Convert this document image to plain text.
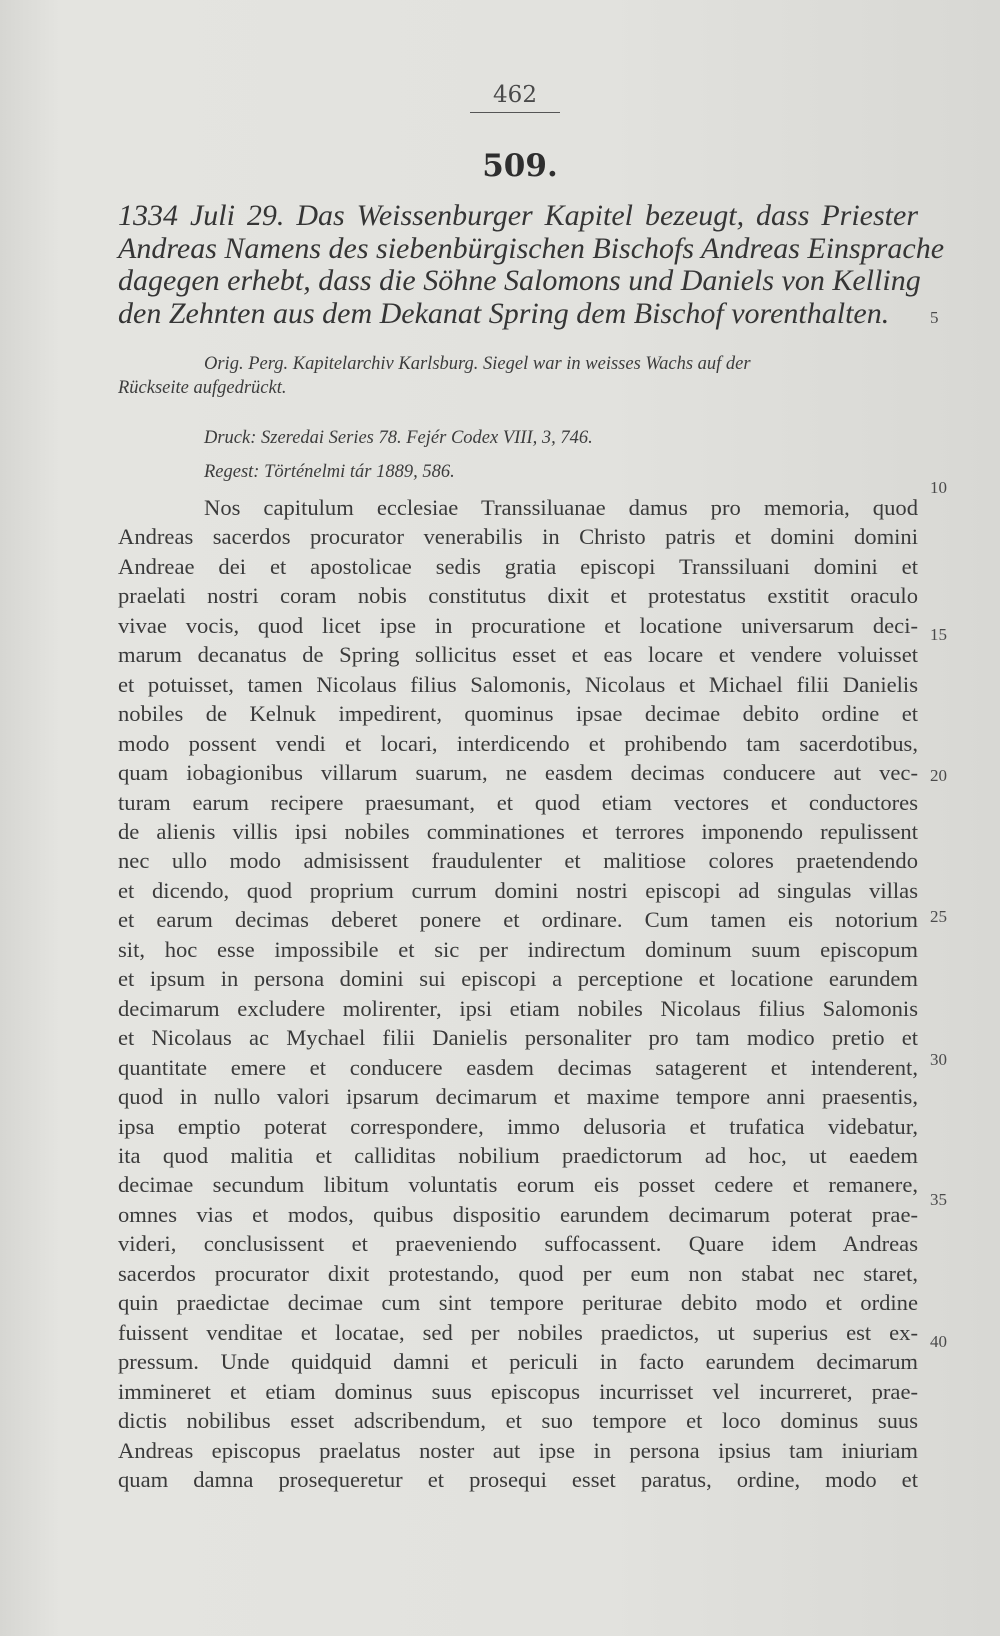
462
509.
1334 Juli 29. Das Weissenburger Kapitel bezeugt, dass Priester
Andreas Namens des siebenbürgischen Bischofs Andreas Einsprache
dagegen erhebt, dass die Söhne Salomons und Daniels von Kelling
den Zehnten aus dem Dekanat Spring dem Bischof vorenthalten.
Orig. Perg. Kapitelarchiv Karlsburg. Siegel war in weisses Wachs auf der
Rückseite aufgedrückt.
Druck: Szeredai Series 78. Fejér Codex VIII, 3, 746.
Regest: Történelmi tár 1889, 586.
Nos capitulum ecclesiae Transsiluanae damus pro memoria, quod
Andreas sacerdos procurator venerabilis in Christo patris et domini domini
Andreae dei et apostolicae sedis gratia episcopi Transsiluani domini et
praelati nostri coram nobis constitutus dixit et protestatus exstitit oraculo
vivae vocis, quod licet ipse in procuratione et locatione universarum deci-
marum decanatus de Spring sollicitus esset et eas locare et vendere voluisset
et potuisset, tamen Nicolaus filius Salomonis, Nicolaus et Michael filii Danielis
nobiles de Kelnuk impedirent, quominus ipsae decimae debito ordine et
modo possent vendi et locari, interdicendo et prohibendo tam sacerdotibus,
quam iobagionibus villarum suarum, ne easdem decimas conducere aut vec-
turam earum recipere praesumant, et quod etiam vectores et conductores
de alienis villis ipsi nobiles comminationes et terrores imponendo repulissent
nec ullo modo admisissent fraudulenter et malitiose colores praetendendo
et dicendo, quod proprium currum domini nostri episcopi ad singulas villas
et earum decimas deberet ponere et ordinare. Cum tamen eis notorium
sit, hoc esse impossibile et sic per indirectum dominum suum episcopum
et ipsum in persona domini sui episcopi a perceptione et locatione earundem
decimarum excludere molirenter, ipsi etiam nobiles Nicolaus filius Salomonis
et Nicolaus ac Mychael filii Danielis personaliter pro tam modico pretio et
quantitate emere et conducere easdem decimas satagerent et intenderent,
quod in nullo valori ipsarum decimarum et maxime tempore anni praesentis,
ipsa emptio poterat correspondere, immo delusoria et trufatica videbatur,
ita quod malitia et calliditas nobilium praedictorum ad hoc, ut eaedem
decimae secundum libitum voluntatis eorum eis posset cedere et remanere,
omnes vias et modos, quibus dispositio earundem decimarum poterat prae-
videri, conclusissent et praeveniendo suffocassent. Quare idem Andreas
sacerdos procurator dixit protestando, quod per eum non stabat nec staret,
quin praedictae decimae cum sint tempore periturae debito modo et ordine
fuissent venditae et locatae, sed per nobiles praedictos, ut superius est ex-
pressum. Unde quidquid damni et periculi in facto earundem decimarum
immineret et etiam dominus suus episcopus incurrisset vel incurreret, prae-
dictis nobilibus esset adscribendum, et suo tempore et loco dominus suus
Andreas episcopus praelatus noster aut ipse in persona ipsius tam iniuriam
quam damna prosequeretur et prosequi esset paratus, ordine, modo et
5
10
15
20
25
30
35
40
